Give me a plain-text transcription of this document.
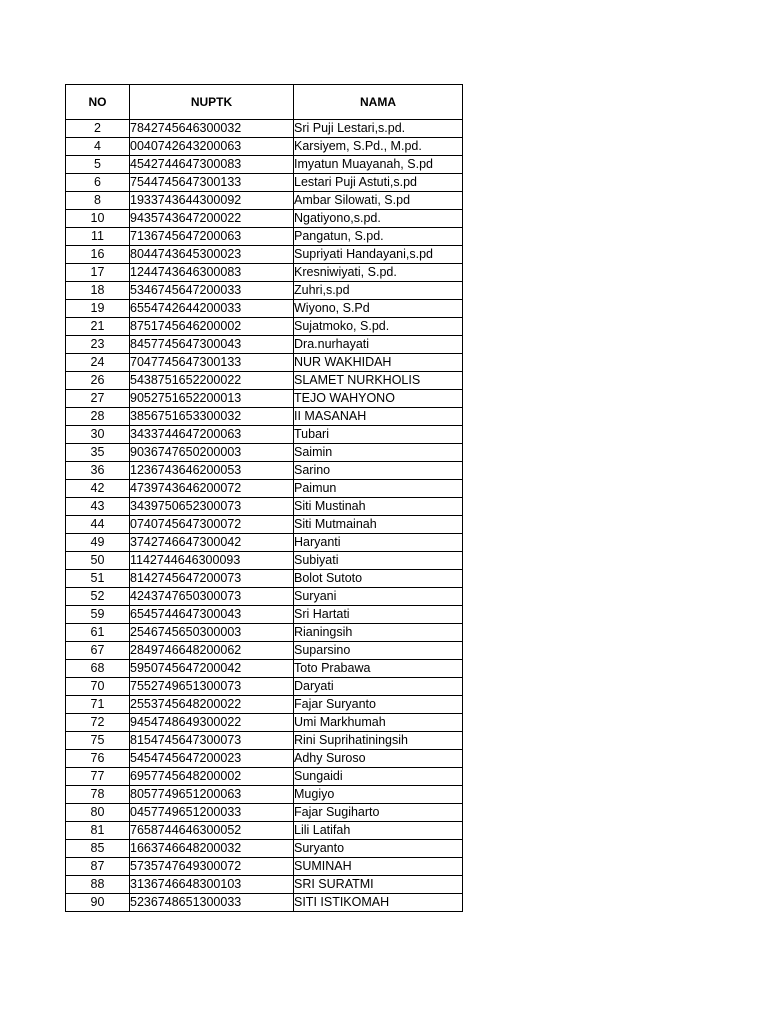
NO	NUPTK	NAMA
2	7842745646300032	Sri Puji Lestari,s.pd.
4	0040742643200063	Karsiyem, S.Pd., M.pd.
5	4542744647300083	Imyatun Muayanah, S.pd
6	7544745647300133	Lestari Puji Astuti,s.pd
8	1933743644300092	Ambar Silowati, S.pd
10	9435743647200022	Ngatiyono,s.pd.
11	7136745647200063	Pangatun, S.pd.
16	8044743645300023	Supriyati Handayani,s.pd
17	1244743646300083	Kresniwiyati, S.pd.
18	5346745647200033	Zuhri,s.pd
19	6554742644200033	Wiyono, S.Pd
21	8751745646200002	Sujatmoko, S.pd.
23	8457745647300043	Dra.nurhayati
24	7047745647300133	NUR WAKHIDAH
26	5438751652200022	SLAMET NURKHOLIS
27	9052751652200013	TEJO WAHYONO
28	3856751653300032	II MASANAH
30	3433744647200063	Tubari
35	9036747650200003	Saimin
36	1236743646200053	Sarino
42	4739743646200072	Paimun
43	3439750652300073	Siti Mustinah
44	0740745647300072	Siti Mutmainah
49	3742746647300042	Haryanti
50	1142744646300093	Subiyati
51	8142745647200073	Bolot Sutoto
52	4243747650300073	Suryani
59	6545744647300043	Sri Hartati
61	2546745650300003	Rianingsih
67	2849746648200062	Suparsino
68	5950745647200042	Toto Prabawa
70	7552749651300073	Daryati
71	2553745648200022	Fajar Suryanto
72	9454748649300022	Umi Markhumah
75	8154745647300073	Rini Suprihatiningsih
76	5454745647200023	Adhy Suroso
77	6957745648200002	Sungaidi
78	8057749651200063	Mugiyo
80	0457749651200033	Fajar Sugiharto
81	7658744646300052	Lili Latifah
85	1663746648200032	Suryanto
87	5735747649300072	SUMINAH
88	3136746648300103	SRI SURATMI
90	5236748651300033	SITI ISTIKOMAH
